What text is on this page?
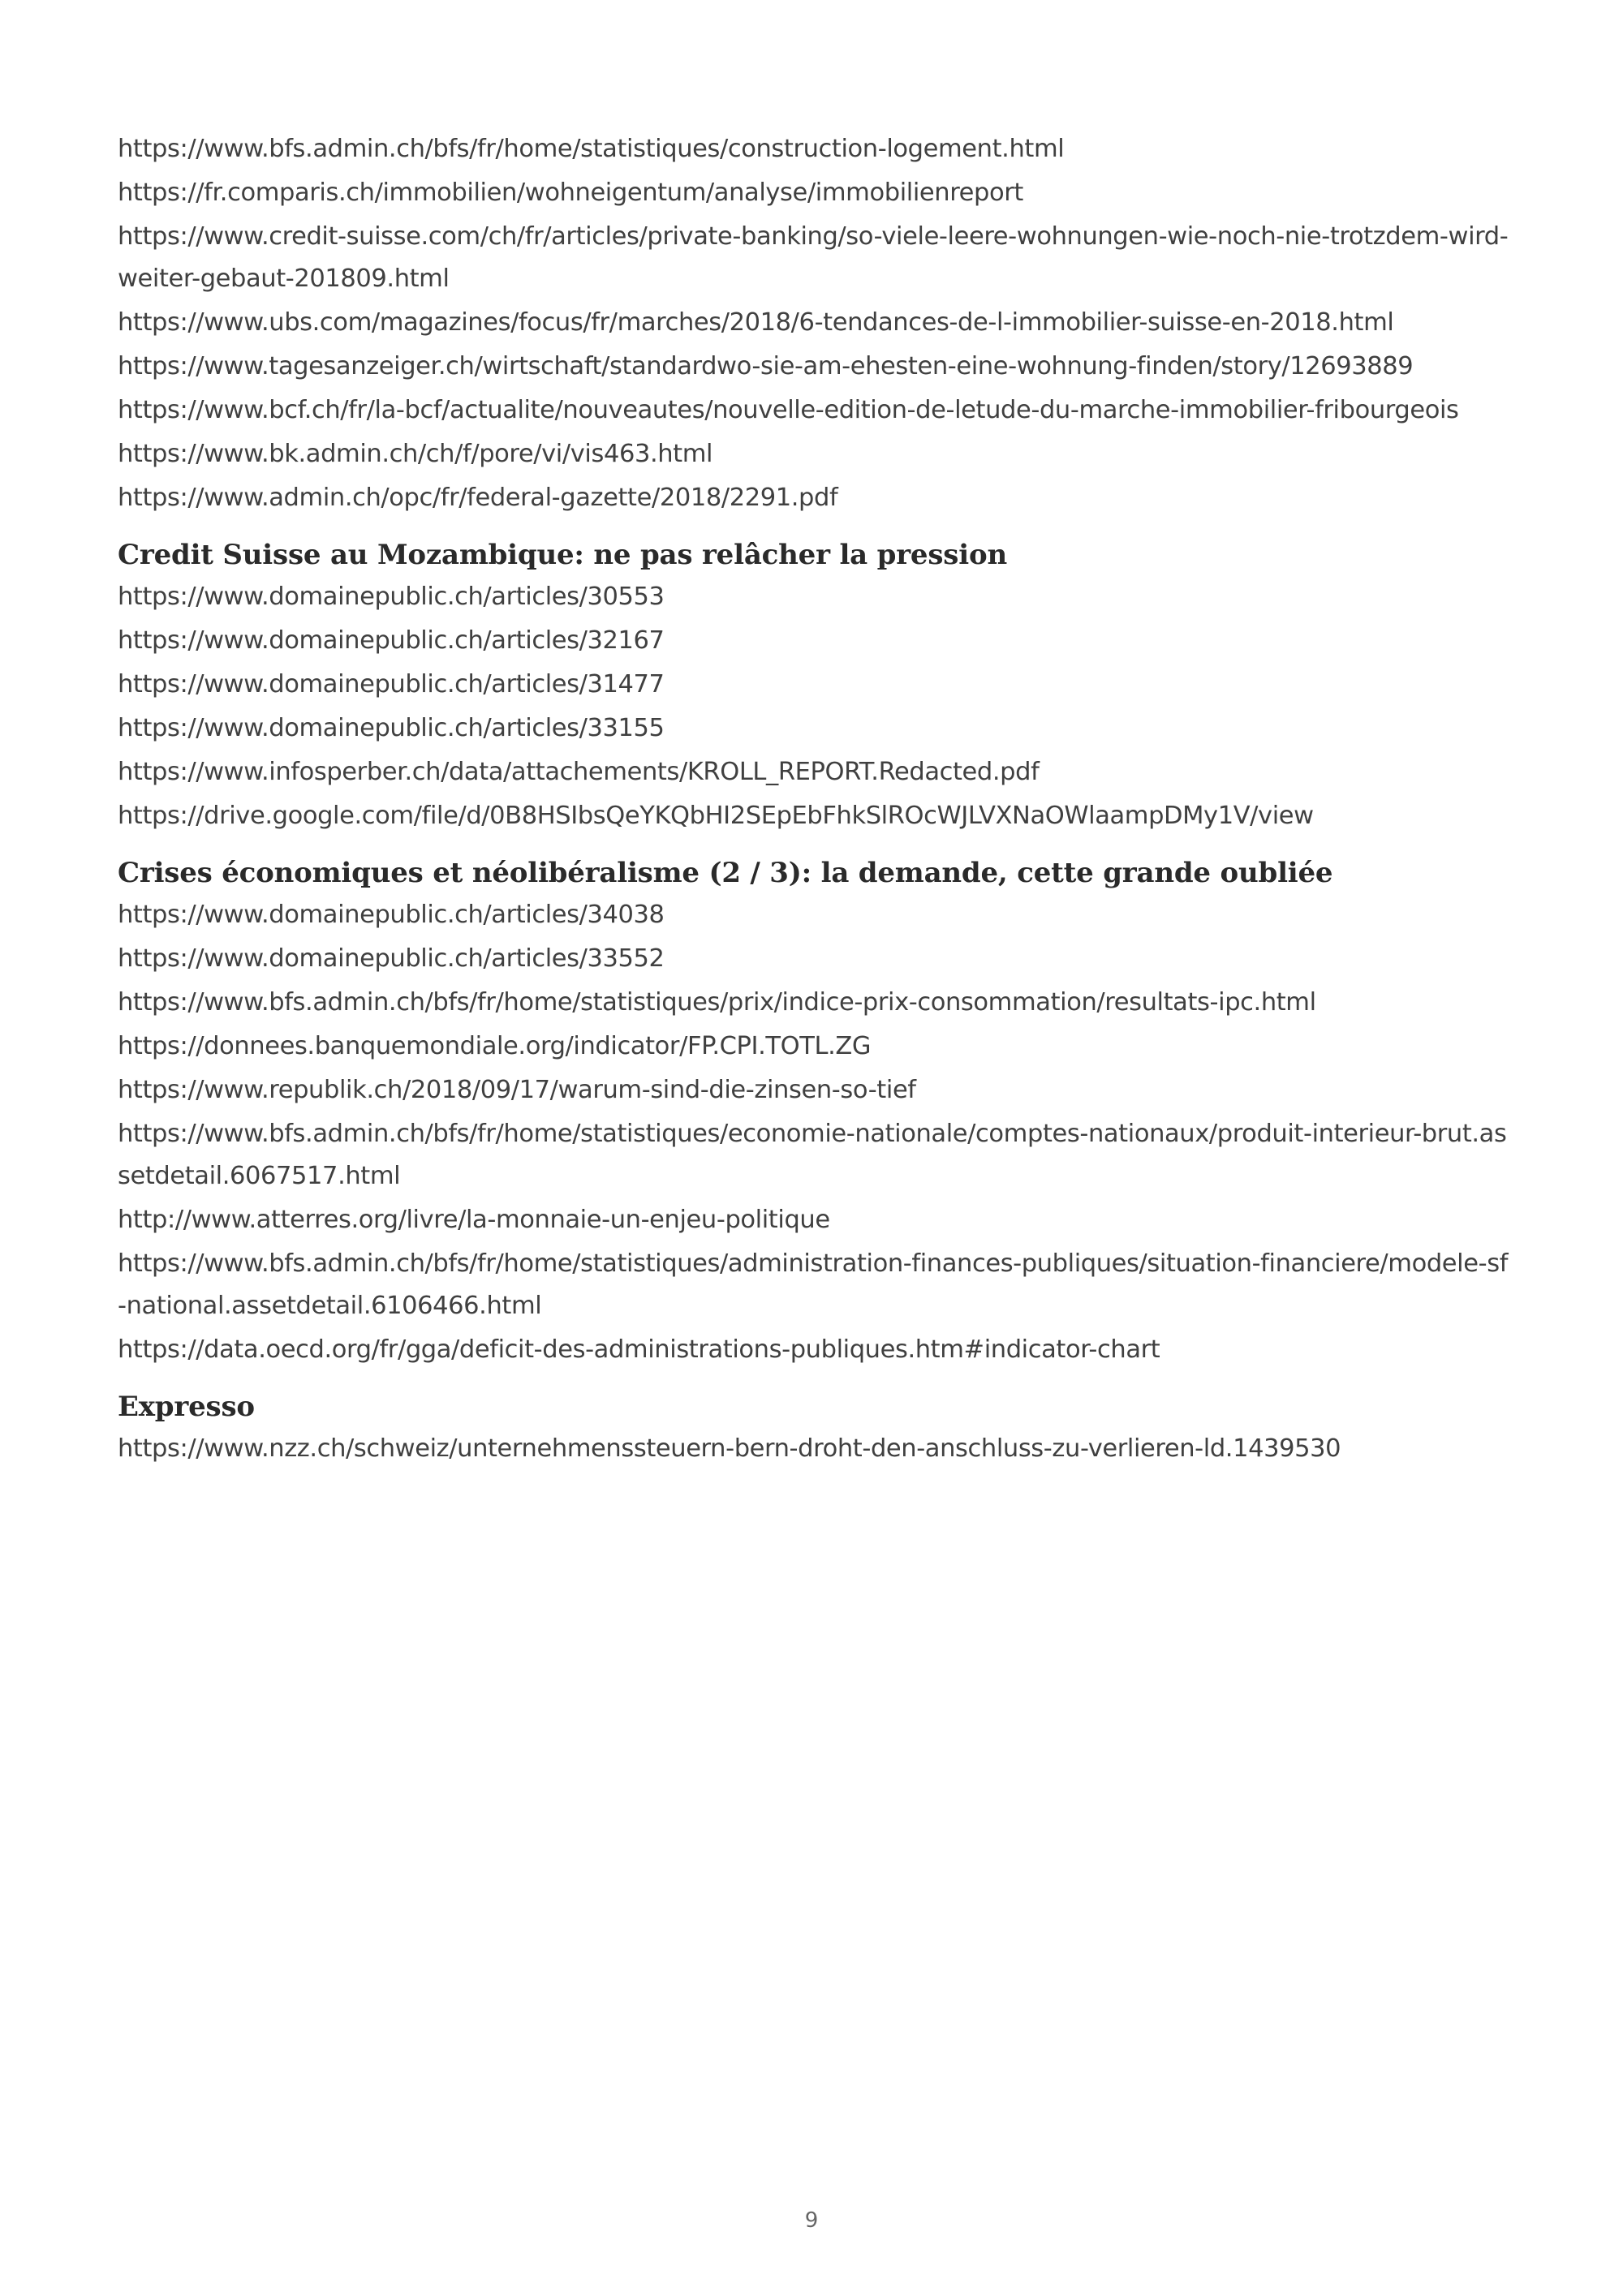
https://www.bfs.admin.ch/bfs/fr/home/statistiques/construction-logement.html
https://fr.comparis.ch/immobilien/wohneigentum/analyse/immobilienreport
https://www.credit-suisse.com/ch/fr/articles/private-banking/so-viele-leere-wohnungen-wie-noch-nie-trotzdem-wird-weiter-gebaut-201809.html
https://www.ubs.com/magazines/focus/fr/marches/2018/6-tendances-de-l-immobilier-suisse-en-2018.html
https://www.tagesanzeiger.ch/wirtschaft/standardwo-sie-am-ehesten-eine-wohnung-finden/story/12693889
https://www.bcf.ch/fr/la-bcf/actualite/nouveautes/nouvelle-edition-de-letude-du-marche-immobilier-fribourgeois
https://www.bk.admin.ch/ch/f/pore/vi/vis463.html
https://www.admin.ch/opc/fr/federal-gazette/2018/2291.pdf
Credit Suisse au Mozambique: ne pas relâcher la pression
https://www.domainepublic.ch/articles/30553
https://www.domainepublic.ch/articles/32167
https://www.domainepublic.ch/articles/31477
https://www.domainepublic.ch/articles/33155
https://www.infosperber.ch/data/attachements/KROLL_REPORT.Redacted.pdf
https://drive.google.com/file/d/0B8HSIbsQeYKQbHI2SEpEbFhkSlROcWJLVXNaOWlaampDMy1V/view
Crises économiques et néolibéralisme (2 / 3): la demande, cette grande oubliée
https://www.domainepublic.ch/articles/34038
https://www.domainepublic.ch/articles/33552
https://www.bfs.admin.ch/bfs/fr/home/statistiques/prix/indice-prix-consommation/resultats-ipc.html
https://donnees.banquemondiale.org/indicator/FP.CPI.TOTL.ZG
https://www.republik.ch/2018/09/17/warum-sind-die-zinsen-so-tief
https://www.bfs.admin.ch/bfs/fr/home/statistiques/economie-nationale/comptes-nationaux/produit-interieur-brut.assetdetail.6067517.html
http://www.atterres.org/livre/la-monnaie-un-enjeu-politique
https://www.bfs.admin.ch/bfs/fr/home/statistiques/administration-finances-publiques/situation-financiere/modele-sf-national.assetdetail.6106466.html
https://data.oecd.org/fr/gga/deficit-des-administrations-publiques.htm#indicator-chart
Expresso
https://www.nzz.ch/schweiz/unternehmenssteuern-bern-droht-den-anschluss-zu-verlieren-ld.1439530
9
